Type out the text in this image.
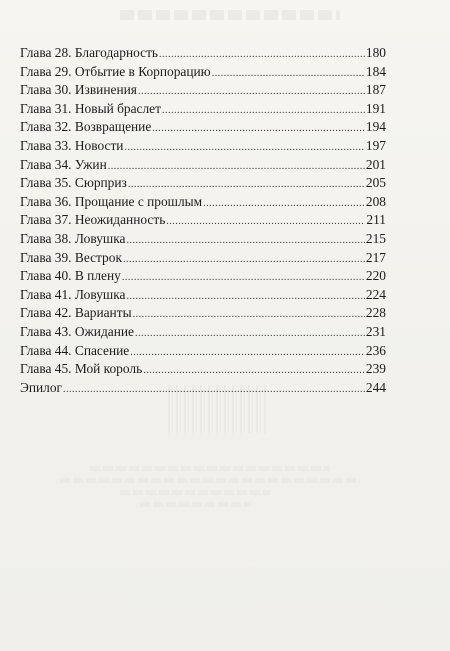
Глава 28. Благодарность .....	180
Глава 29. Отбытие в Корпорацию .....	184
Глава 30. Извинения .....	187
Глава 31. Новый браслет .....	191
Глава 32. Возвращение .....	194
Глава 33. Новости .....	197
Глава 34. Ужин .....	201
Глава 35. Сюрприз .....	205
Глава 36. Прощание с прошлым .....	208
Глава 37. Неожиданность .....	211
Глава 38. Ловушка .....	215
Глава 39. Вестрок .....	217
Глава 40. В плену .....	220
Глава 41. Ловушка .....	224
Глава 42. Варианты .....	228
Глава 43. Ожидание .....	231
Глава 44. Спасение .....	236
Глава 45. Мой король .....	239
Эпилог .....	244
